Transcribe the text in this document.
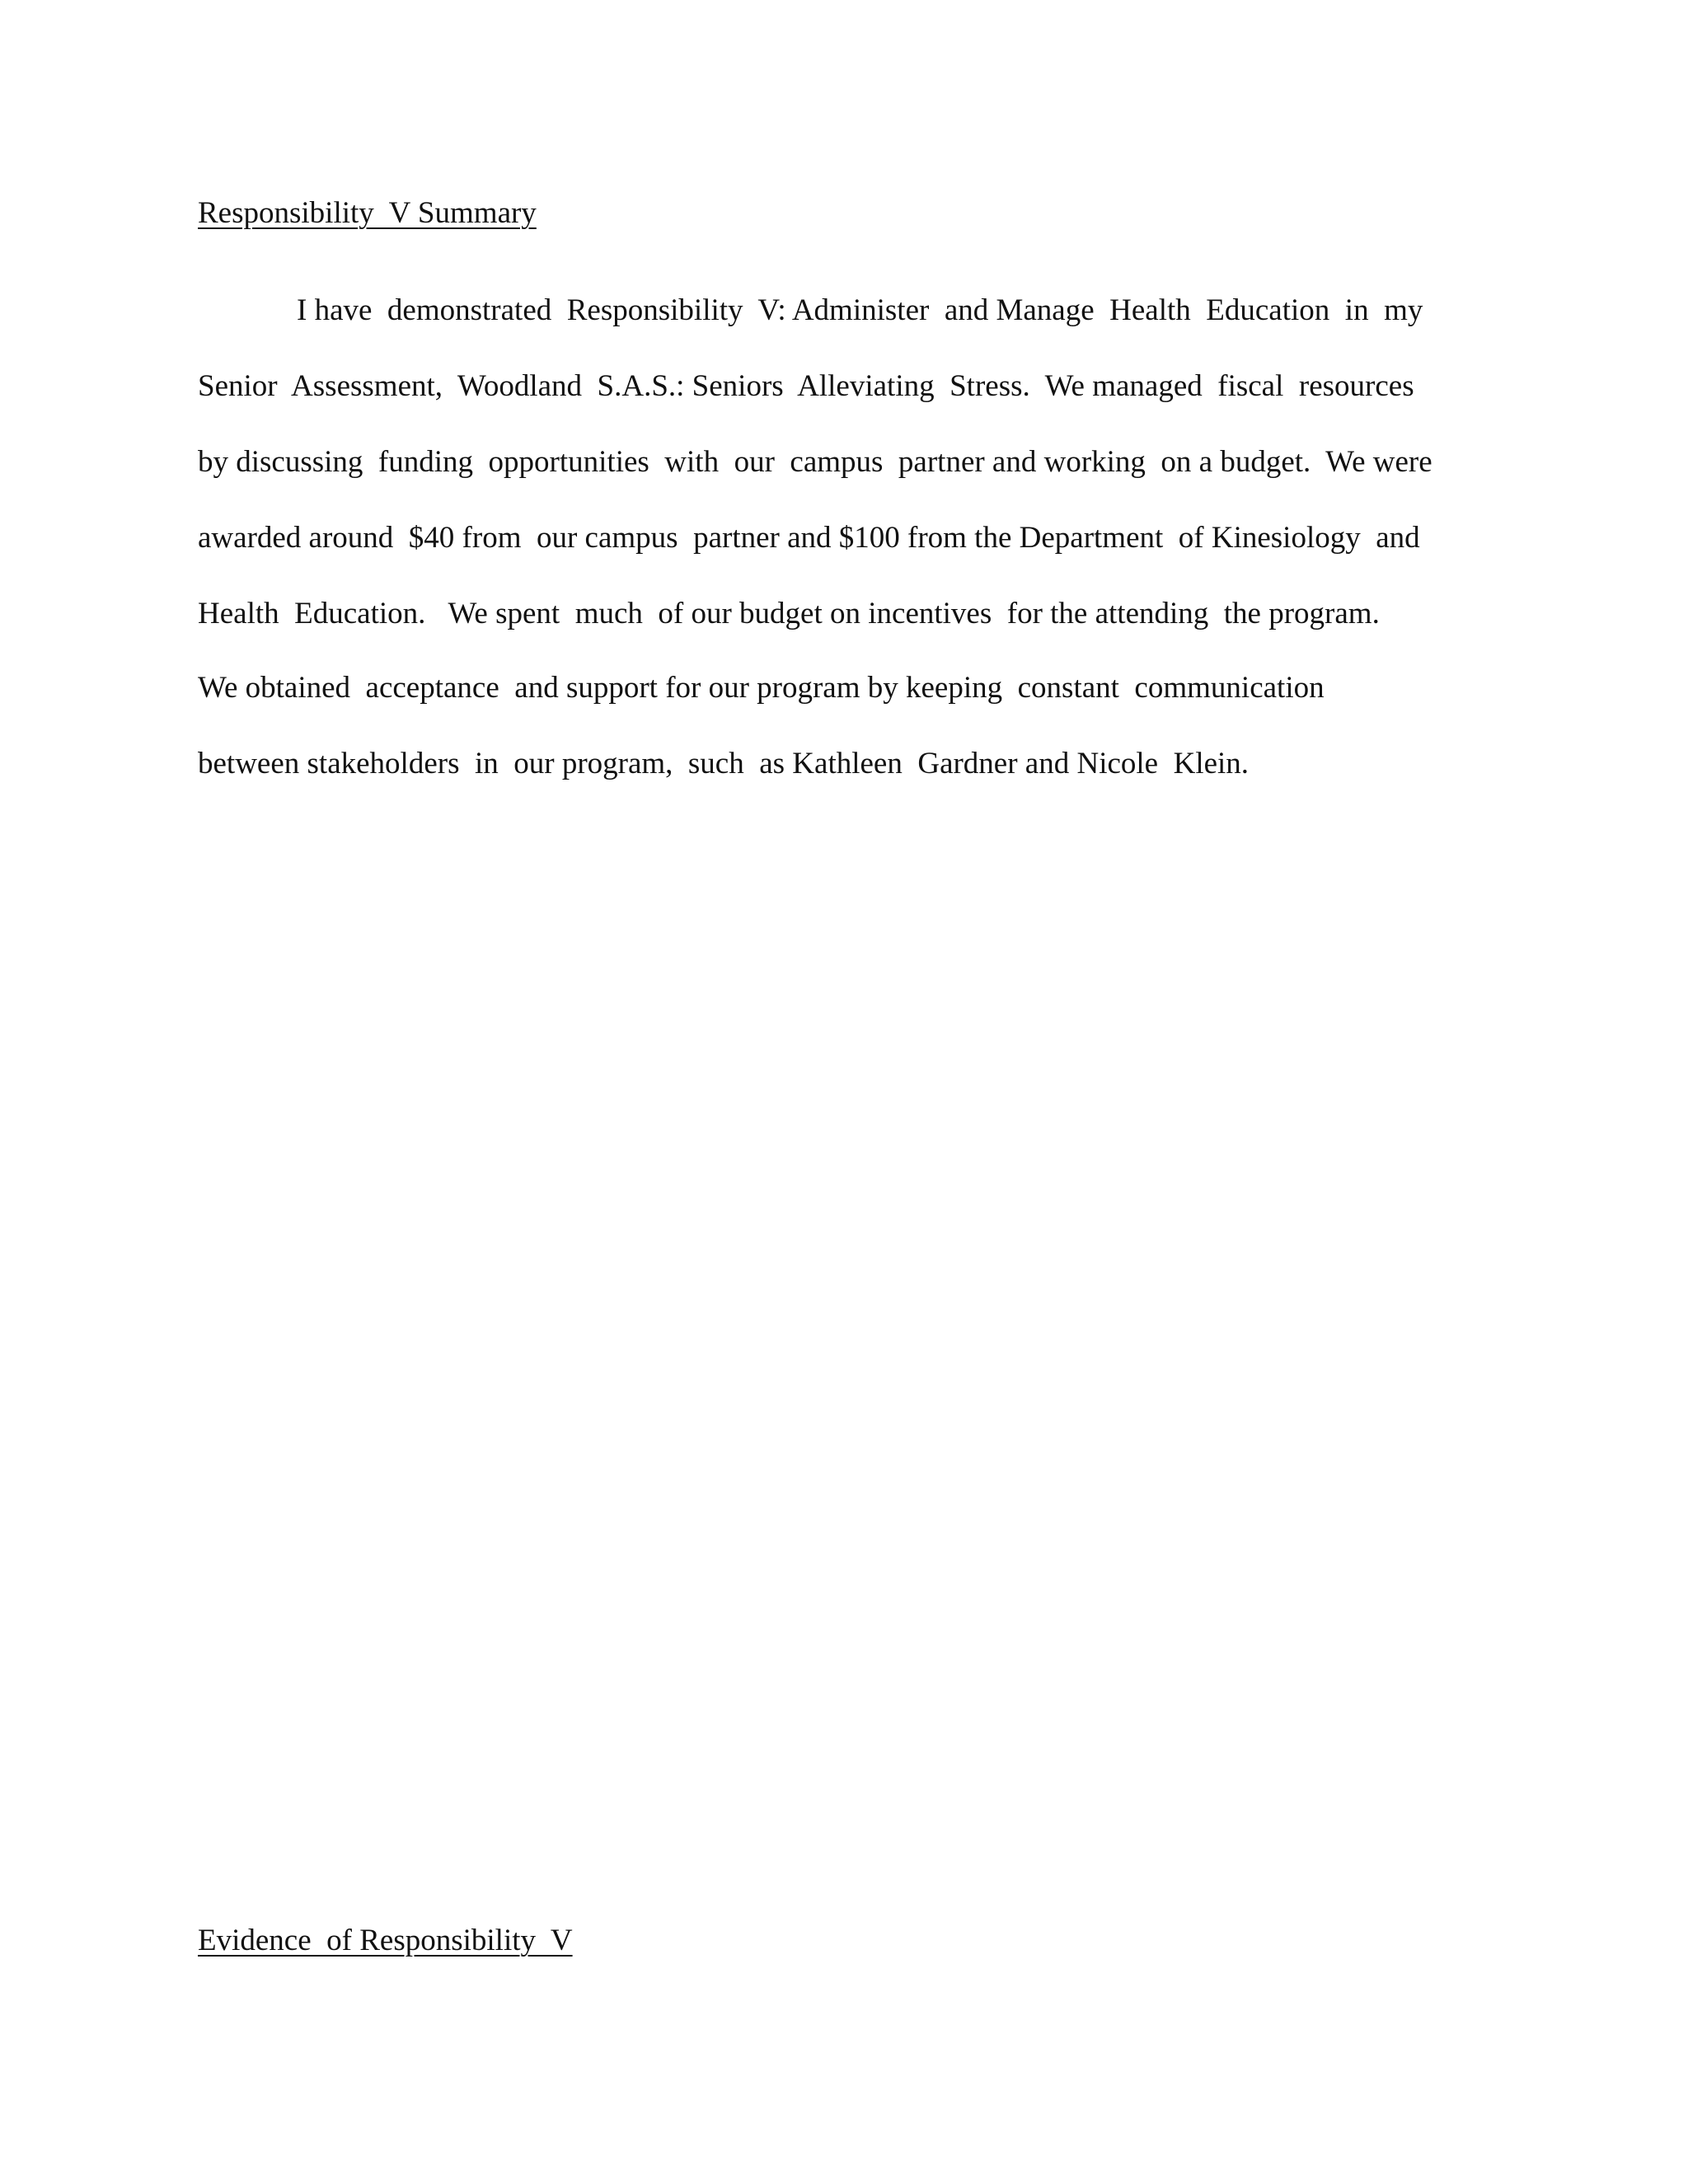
Responsibility  V Summary
I have  demonstrated  Responsibility  V: Administer  and Manage  Health  Education  in  my
Senior  Assessment,  Woodland  S.A.S.: Seniors  Alleviating  Stress.  We managed  fiscal  resources
by discussing  funding  opportunities  with  our  campus  partner and working  on a budget.  We were
awarded around  $40 from  our campus  partner and $100 from the Department  of Kinesiology  and
Health  Education.   We spent  much  of our budget on incentives  for the attending  the program.
We obtained  acceptance  and support for our program by keeping  constant  communication
between stakeholders  in  our program,  such  as Kathleen  Gardner and Nicole  Klein.
Evidence  of Responsibility  V
